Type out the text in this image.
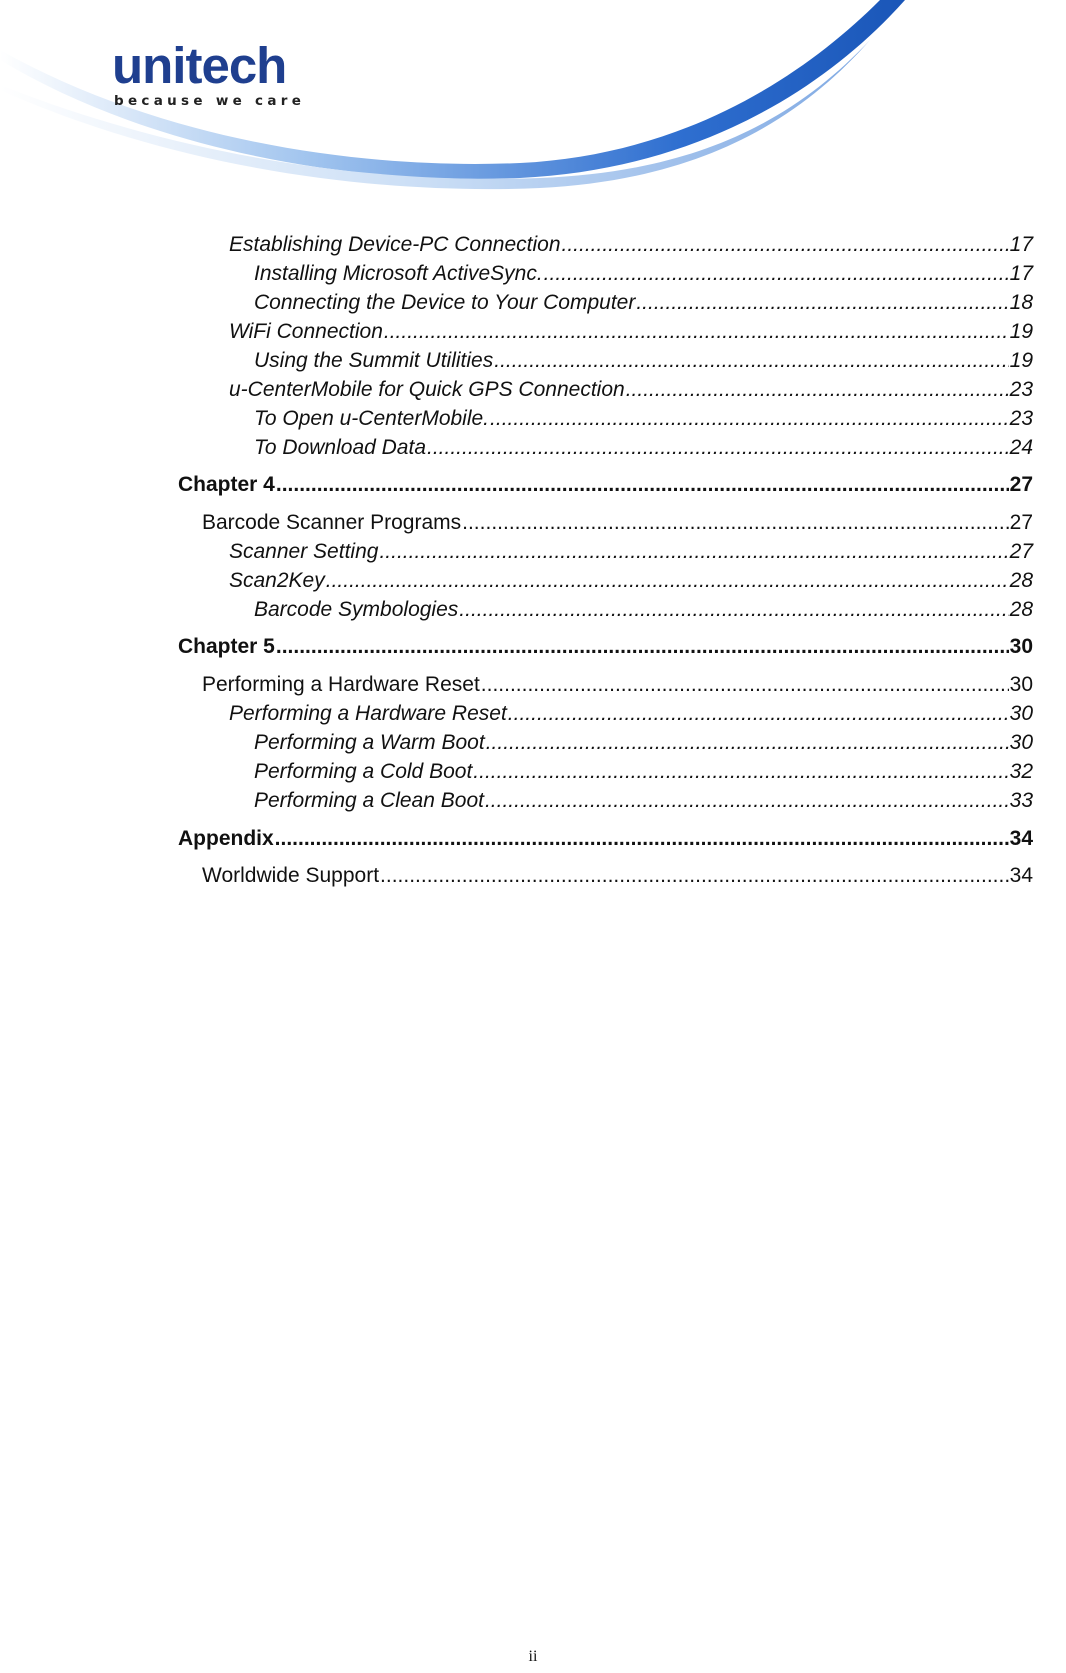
unitech
because we care
Establishing Device-PC Connection .....	17
Installing Microsoft ActiveSync. .....	17
Connecting the Device to Your Computer .....	18
WiFi Connection .....	19
Using the Summit Utilities .....	19
u-CenterMobile for Quick GPS Connection .....	23
To Open u-CenterMobile. .....	23
To Download Data .....	24
Chapter 4 .....	27
Barcode Scanner Programs .....	27
Scanner Setting .....	27
Scan2Key .....	28
Barcode Symbologies .....	28
Chapter 5 .....	30
Performing a Hardware Reset .....	30
Performing a Hardware Reset .....	30
Performing a Warm Boot .....	30
Performing a Cold Boot .....	32
Performing a Clean Boot .....	33
Appendix .....	34
Worldwide Support .....	34
ii
